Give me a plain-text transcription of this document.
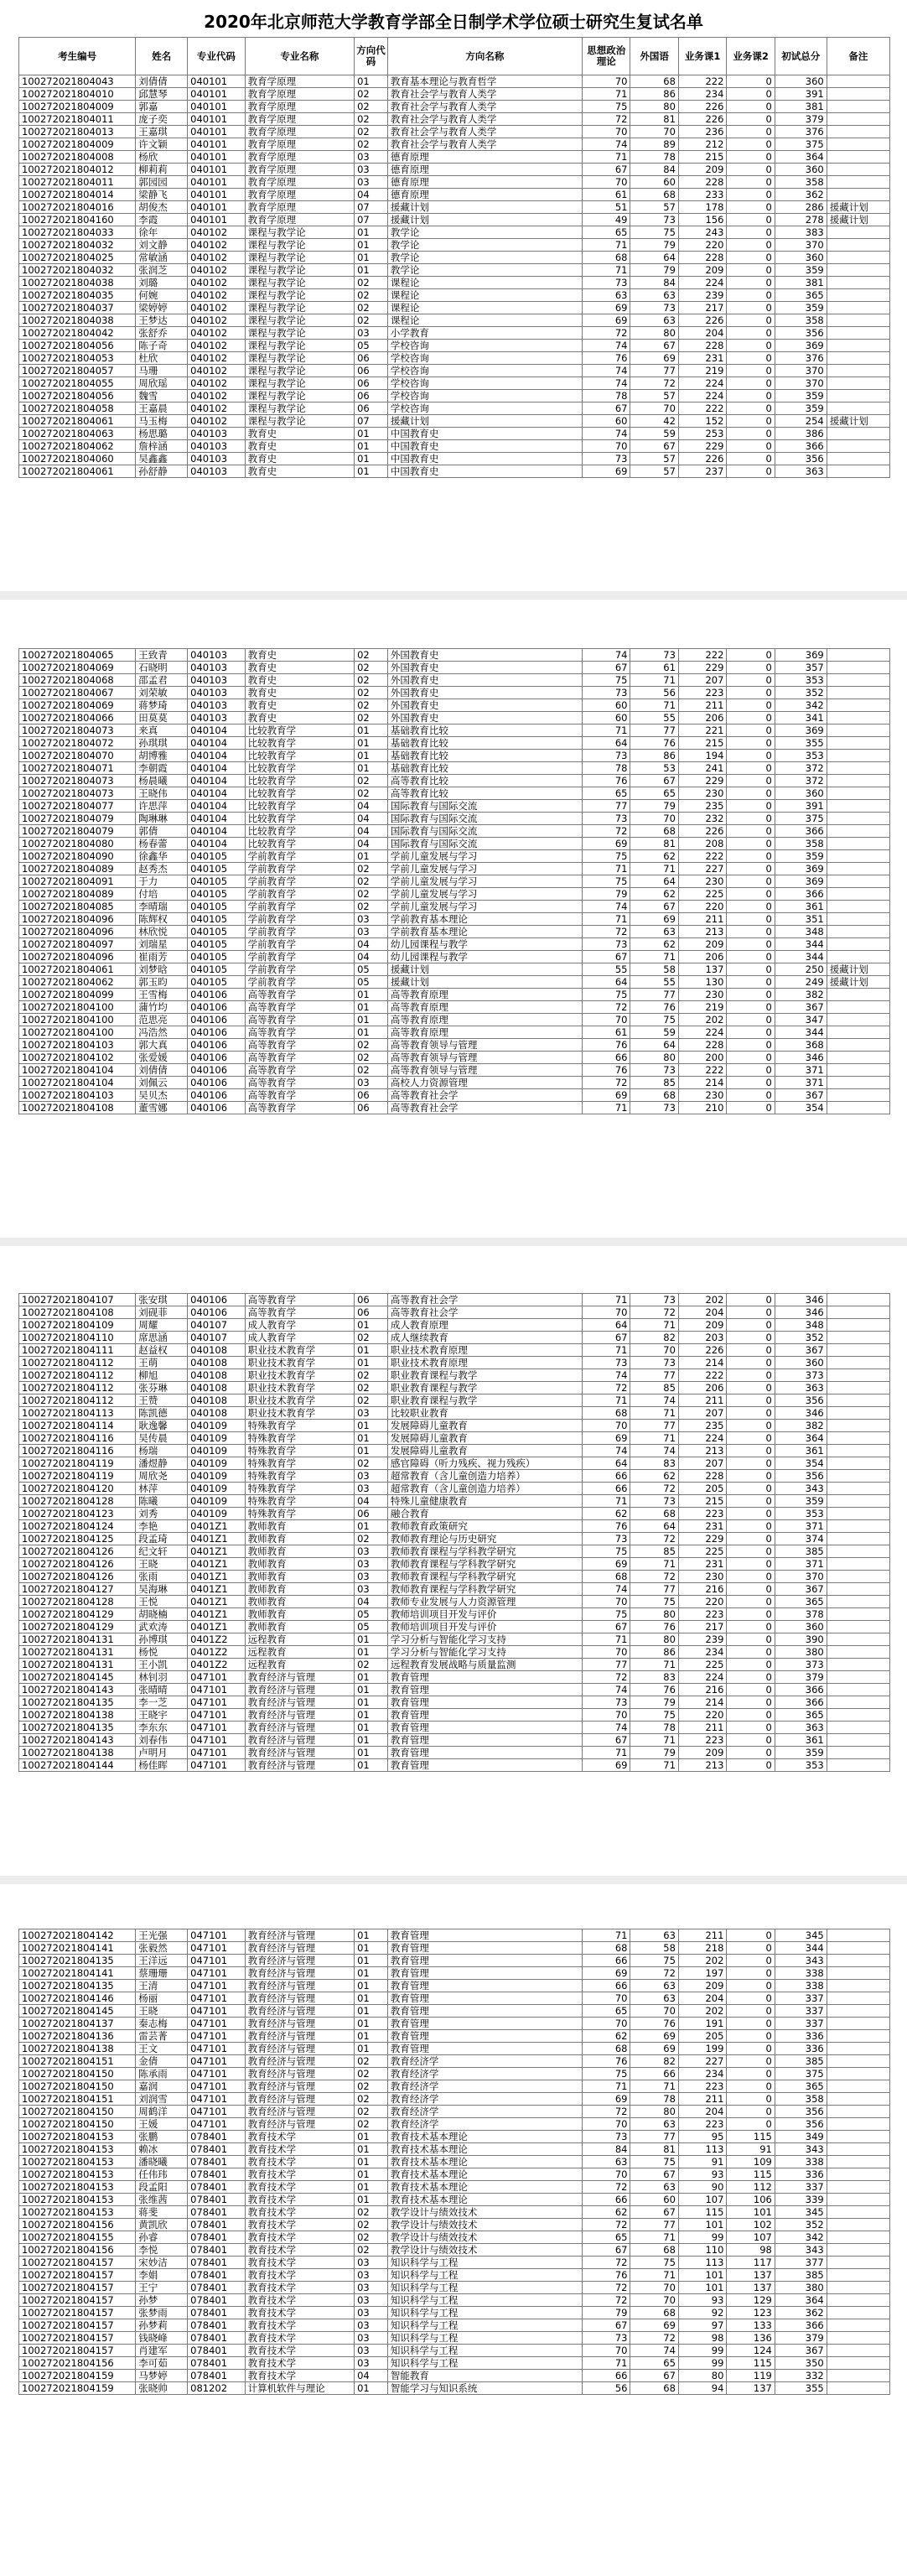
2020年北京师范大学教育学部全日制学术学位硕士研究生复试名单
考生编号	姓名	专业代码	专业名称	方向代码	方向名称	思想政治理论	外国语	业务课1	业务课2	初试总分	备注
100272021804043	刘倩倩	040101	教育学原理	01	教育基本理论与教育哲学	70	68	222	0	360	
100272021804010	邱慧琴	040101	教育学原理	02	教育社会学与教育人类学	71	86	234	0	391	
100272021804009	郭嘉	040101	教育学原理	02	教育社会学与教育人类学	75	80	226	0	381	
100272021804011	庞子奕	040101	教育学原理	02	教育社会学与教育人类学	72	81	226	0	379	
100272021804013	王嘉琪	040101	教育学原理	02	教育社会学与教育人类学	70	70	236	0	376	
100272021804009	许文颖	040101	教育学原理	02	教育社会学与教育人类学	74	89	212	0	375	
100272021804008	杨欣	040101	教育学原理	03	德育原理	71	78	215	0	364	
100272021804012	柳莉莉	040101	教育学原理	03	德育原理	67	84	209	0	360	
100272021804011	郭园园	040101	教育学原理	03	德育原理	70	60	228	0	358	
100272021804014	梁静飞	040101	教育学原理	04	德育原理	61	68	233	0	362	
100272021804016	胡俊杰	040101	教育学原理	07	援藏计划	51	57	178	0	286	援藏计划
100272021804160	李霞	040101	教育学原理	07	援藏计划	49	73	156	0	278	援藏计划
100272021804033	徐年	040102	课程与教学论	01	教学论	65	75	243	0	383	
100272021804032	刘文静	040102	课程与教学论	01	教学论	71	79	220	0	370	
100272021804025	常敏涵	040102	课程与教学论	01	教学论	68	64	228	0	360	
100272021804032	张润芝	040102	课程与教学论	01	教学论	71	79	209	0	359	
100272021804038	刘璐	040102	课程与教学论	02	课程论	73	84	224	0	381	
100272021804035	何婉	040102	课程与教学论	02	课程论	63	63	239	0	365	
100272021804037	梁婷婷	040102	课程与教学论	02	课程论	69	73	217	0	359	
100272021804038	王梦达	040102	课程与教学论	02	课程论	69	63	226	0	358	
100272021804042	张舒乔	040102	课程与教学论	03	小学教育	72	80	204	0	356	
100272021804056	陈子奇	040102	课程与教学论	05	学校咨询	74	67	228	0	369	
100272021804053	杜欣	040102	课程与教学论	06	学校咨询	76	69	231	0	376	
100272021804057	马珊	040102	课程与教学论	06	学校咨询	74	77	219	0	370	
100272021804055	周欣瑶	040102	课程与教学论	06	学校咨询	74	72	224	0	370	
100272021804056	魏雪	040102	课程与教学论	06	学校咨询	78	57	224	0	359	
100272021804058	王嘉晨	040102	课程与教学论	06	学校咨询	67	70	222	0	359	
100272021804061	马玉梅	040102	课程与教学论	07	援藏计划	60	42	152	0	254	援藏计划
100272021804063	杨思璐	040103	教育史	01	中国教育史	74	59	253	0	386	
100272021804062	詹梓涵	040103	教育史	01	中国教育史	70	67	229	0	366	
100272021804060	吴鑫鑫	040103	教育史	01	中国教育史	73	57	226	0	356	
100272021804061	孙舒静	040103	教育史	01	中国教育史	69	57	237	0	363	
100272021804065	王致青	040103	教育史	02	外国教育史	74	73	222	0	369	
100272021804069	石晓明	040103	教育史	02	外国教育史	67	61	229	0	357	
100272021804068	邵孟君	040103	教育史	02	外国教育史	75	71	207	0	353	
100272021804067	刘荣敏	040103	教育史	02	外国教育史	73	56	223	0	352	
100272021804069	蒋梦琦	040103	教育史	02	外国教育史	60	71	211	0	342	
100272021804066	田莫莫	040103	教育史	02	外国教育史	60	55	206	0	341	
100272021804073	来真	040104	比较教育学	01	基础教育比较	71	77	221	0	369	
100272021804072	孙琪琪	040104	比较教育学	01	基础教育比较	64	76	215	0	355	
100272021804070	胡博雅	040104	比较教育学	01	基础教育比较	73	86	194	0	353	
100272021804071	李朝霞	040104	比较教育学	01	基础教育比较	78	53	241	0	372	
100272021804073	杨晨曦	040104	比较教育学	02	高等教育比较	76	67	229	0	372	
100272021804073	王晓伟	040104	比较教育学	02	高等教育比较	65	65	230	0	360	
100272021804077	许思萍	040104	比较教育学	04	国际教育与国际交流	77	79	235	0	391	
100272021804079	陶琳琳	040104	比较教育学	04	国际教育与国际交流	73	70	232	0	375	
100272021804079	郭倩	040104	比较教育学	04	国际教育与国际交流	72	68	226	0	366	
100272021804080	杨春蕾	040104	比较教育学	04	国际教育与国际交流	69	81	208	0	358	
100272021804090	徐鑫华	040105	学前教育学	01	学前儿童发展与学习	75	62	222	0	359	
100272021804089	赵秀杰	040105	学前教育学	02	学前儿童发展与学习	71	71	227	0	369	
100272021804091	于力	040105	学前教育学	02	学前儿童发展与学习	75	64	230	0	369	
100272021804089	付培	040105	学前教育学	02	学前儿童发展与学习	79	62	225	0	366	
100272021804085	李晴瑞	040105	学前教育学	02	学前儿童发展与学习	74	67	220	0	361	
100272021804096	陈辉权	040105	学前教育学	03	学前教育基本理论	71	69	211	0	351	
100272021804096	林欣悦	040105	学前教育学	03	学前教育基本理论	72	63	213	0	348	
100272021804097	刘瑞星	040105	学前教育学	04	幼儿园课程与教学	73	62	209	0	344	
100272021804096	崔雨芳	040105	学前教育学	04	幼儿园课程与教学	67	71	206	0	344	
100272021804061	刘梦晗	040105	学前教育学	05	援藏计划	55	58	137	0	250	援藏计划
100272021804062	郭玉昀	040105	学前教育学	05	援藏计划	64	55	130	0	249	援藏计划
100272021804099	王雪梅	040106	高等教育学	01	高等教育原理	75	77	230	0	382	
100272021804100	蒲竹均	040106	高等教育学	01	高等教育原理	72	76	219	0	367	
100272021804100	范思亮	040106	高等教育学	01	高等教育原理	70	75	202	0	347	
100272021804100	冯浩然	040106	高等教育学	01	高等教育原理	61	59	224	0	344	
100272021804103	郭大真	040106	高等教育学	02	高等教育领导与管理	76	64	228	0	368	
100272021804102	张爱媛	040106	高等教育学	02	高等教育领导与管理	66	80	200	0	346	
100272021804104	刘倩倩	040106	高等教育学	02	高等教育领导与管理	76	73	222	0	371	
100272021804104	刘佩云	040106	高等教育学	03	高校人力资源管理	72	85	214	0	371	
100272021804103	吴贝杰	040106	高等教育学	06	高等教育社会学	69	68	230	0	367	
100272021804108	董雪娜	040106	高等教育学	06	高等教育社会学	71	73	210	0	354	
100272021804107	张安琪	040106	高等教育学	06	高等教育社会学	71	73	202	0	346	
100272021804108	刘砚菲	040106	高等教育学	06	高等教育社会学	70	72	204	0	346	
100272021804109	周耀	040107	成人教育学	01	成人教育原理	64	71	209	0	348	
100272021804110	席思涵	040107	成人教育学	02	成人继续教育	67	82	203	0	352	
100272021804111	赵益权	040108	职业技术教育学	01	职业技术教育原理	71	70	226	0	367	
100272021804112	王萌	040108	职业技术教育学	01	职业技术教育原理	73	73	214	0	360	
100272021804112	柳旭	040108	职业技术教育学	02	职业教育课程与教学	74	77	222	0	373	
100272021804112	张芬琳	040108	职业技术教育学	02	职业教育课程与教学	72	85	206	0	363	
100272021804112	王赞	040108	职业技术教育学	02	职业教育课程与教学	71	74	211	0	356	
100272021804113	陈凯德	040108	职业技术教育学	03	比较职业教育	68	71	207	0	346	
100272021804114	耿逸馨	040109	特殊教育学	01	发展障碍儿童教育	70	77	235	0	382	
100272021804116	吴传晨	040109	特殊教育学	01	发展障碍儿童教育	69	71	224	0	364	
100272021804116	杨瑞	040109	特殊教育学	01	发展障碍儿童教育	74	74	213	0	361	
100272021804119	潘煜静	040109	特殊教育学	02	感官障碍（听力残疾、视力残疾）	64	83	207	0	354	
100272021804119	周欣尧	040109	特殊教育学	03	超常教育（含儿童创造力培养）	66	62	228	0	356	
100272021804120	林萍	040109	特殊教育学	03	超常教育（含儿童创造力培养）	66	72	205	0	343	
100272021804128	陈曦	040109	特殊教育学	04	特殊儿童健康教育	71	73	215	0	359	
100272021804123	刘秀	040109	特殊教育学	06	融合教育	62	68	223	0	353	
100272021804124	李艳	0401Z1	教师教育	01	教师教育政策研究	76	64	231	0	371	
100272021804125	段孟琦	0401Z1	教师教育	02	教师教育理论与历史研究	73	72	229	0	374	
100272021804126	纪文轩	0401Z1	教师教育	03	教师教育课程与学科教学研究	75	85	225	0	385	
100272021804126	王晓	0401Z1	教师教育	03	教师教育课程与学科教学研究	69	71	231	0	371	
100272021804126	张雨	0401Z1	教师教育	03	教师教育课程与学科教学研究	68	72	230	0	370	
100272021804127	吴海琳	0401Z1	教师教育	03	教师教育课程与学科教学研究	74	77	216	0	367	
100272021804128	王悦	0401Z1	教师教育	04	教师专业发展与人力资源管理	70	75	220	0	365	
100272021804129	胡晓楠	0401Z1	教师教育	05	教师培训项目开发与评价	75	80	223	0	378	
100272021804129	武欢涛	0401Z1	教师教育	05	教师培训项目开发与评价	67	76	217	0	360	
100272021804131	孙博琪	0401Z2	远程教育	01	学习分析与智能化学习支持	71	80	239	0	390	
100272021804131	杨悦	0401Z2	远程教育	01	学习分析与智能化学习支持	70	86	234	0	380	
100272021804131	王小凯	0401Z2	远程教育	02	远程教育发展战略与质量监测	77	71	225	0	373	
100272021804145	林钊羽	047101	教育经济与管理	01	教育管理	72	83	224	0	379	
100272021804143	张晴晴	047101	教育经济与管理	01	教育管理	74	76	216	0	366	
100272021804135	李一芝	047101	教育经济与管理	01	教育管理	73	79	214	0	366	
100272021804138	王晓宇	047101	教育经济与管理	01	教育管理	70	75	220	0	365	
100272021804135	李东东	047101	教育经济与管理	01	教育管理	74	78	211	0	363	
100272021804143	刘春伟	047101	教育经济与管理	01	教育管理	67	71	223	0	361	
100272021804138	卢明月	047101	教育经济与管理	01	教育管理	71	79	209	0	359	
100272021804144	杨佳晖	047101	教育经济与管理	01	教育管理	69	71	213	0	353	
100272021804142	王光强	047101	教育经济与管理	01	教育管理	71	63	211	0	345	
100272021804141	张毅然	047101	教育经济与管理	01	教育管理	68	58	218	0	344	
100272021804135	王洋远	047101	教育经济与管理	01	教育管理	66	75	202	0	343	
100272021804141	蔡珊珊	047101	教育经济与管理	01	教育管理	69	72	197	0	338	
100272021804135	王清	047101	教育经济与管理	01	教育管理	66	63	209	0	338	
100272021804146	杨丽	047101	教育经济与管理	01	教育管理	70	63	204	0	337	
100272021804145	王晓	047101	教育经济与管理	01	教育管理	65	70	202	0	337	
100272021804137	秦志梅	047101	教育经济与管理	01	教育管理	70	76	191	0	337	
100272021804136	雷芸菁	047101	教育经济与管理	01	教育管理	62	69	205	0	336	
100272021804138	王文	047101	教育经济与管理	01	教育管理	68	69	199	0	336	
100272021804151	金倩	047101	教育经济与管理	02	教育经济学	76	82	227	0	385	
100272021804150	陈承雨	047101	教育经济与管理	02	教育经济学	75	66	234	0	375	
100272021804150	嘉润	047101	教育经济与管理	02	教育经济学	71	71	223	0	365	
100272021804151	刘润雪	047101	教育经济与管理	02	教育经济学	69	78	211	0	358	
100272021804150	周鹤洋	047101	教育经济与管理	02	教育经济学	72	80	204	0	356	
100272021804150	王媛	047101	教育经济与管理	02	教育经济学	70	63	223	0	356	
100272021804153	张鹏	078401	教育技术学	01	教育技术基本理论	73	77	95	115	349	
100272021804153	赖冰	078401	教育技术学	01	教育技术基本理论	84	81	113	91	343	
100272021804153	潘晓曦	078401	教育技术学	01	教育技术基本理论	63	75	91	109	338	
100272021804153	任伟玮	078401	教育技术学	01	教育技术基本理论	70	67	93	115	336	
100272021804153	段孟阳	078401	教育技术学	01	教育技术基本理论	72	63	90	112	337	
100272021804153	张维茜	078401	教育技术学	01	教育技术基本理论	66	60	107	106	339	
100272021804153	蒋斐	078401	教育技术学	02	教学设计与绩效技术	62	67	115	101	345	
100272021804156	黄凯欣	078401	教育技术学	02	教学设计与绩效技术	72	77	101	102	352	
100272021804155	孙睿	078401	教育技术学	02	教学设计与绩效技术	65	71	99	107	342	
100272021804156	李悦	078401	教育技术学	02	教学设计与绩效技术	67	68	110	98	343	
100272021804157	宋妙洁	078401	教育技术学	03	知识科学与工程	72	75	113	117	377	
100272021804157	李娟	078401	教育技术学	03	知识科学与工程	76	71	101	137	385	
100272021804157	王宁	078401	教育技术学	03	知识科学与工程	72	70	101	137	380	
100272021804157	孙梦	078401	教育技术学	03	知识科学与工程	72	70	93	129	364	
100272021804157	张梦雨	078401	教育技术学	03	知识科学与工程	79	68	92	123	362	
100272021804157	孙梦莉	078401	教育技术学	03	知识科学与工程	67	69	97	133	366	
100272021804157	钱晓峰	078401	教育技术学	03	知识科学与工程	73	72	98	136	379	
100272021804157	肖建军	078401	教育技术学	03	知识科学与工程	70	74	99	124	367	
100272021804156	李可茹	078401	教育技术学	03	知识科学与工程	71	65	99	115	350	
100272021804159	马梦婷	078401	教育技术学	04	智能教育	66	67	80	119	332	
100272021804159	张晓帅	081202	计算机软件与理论	01	智能学习与知识系统	56	68	94	137	355	
